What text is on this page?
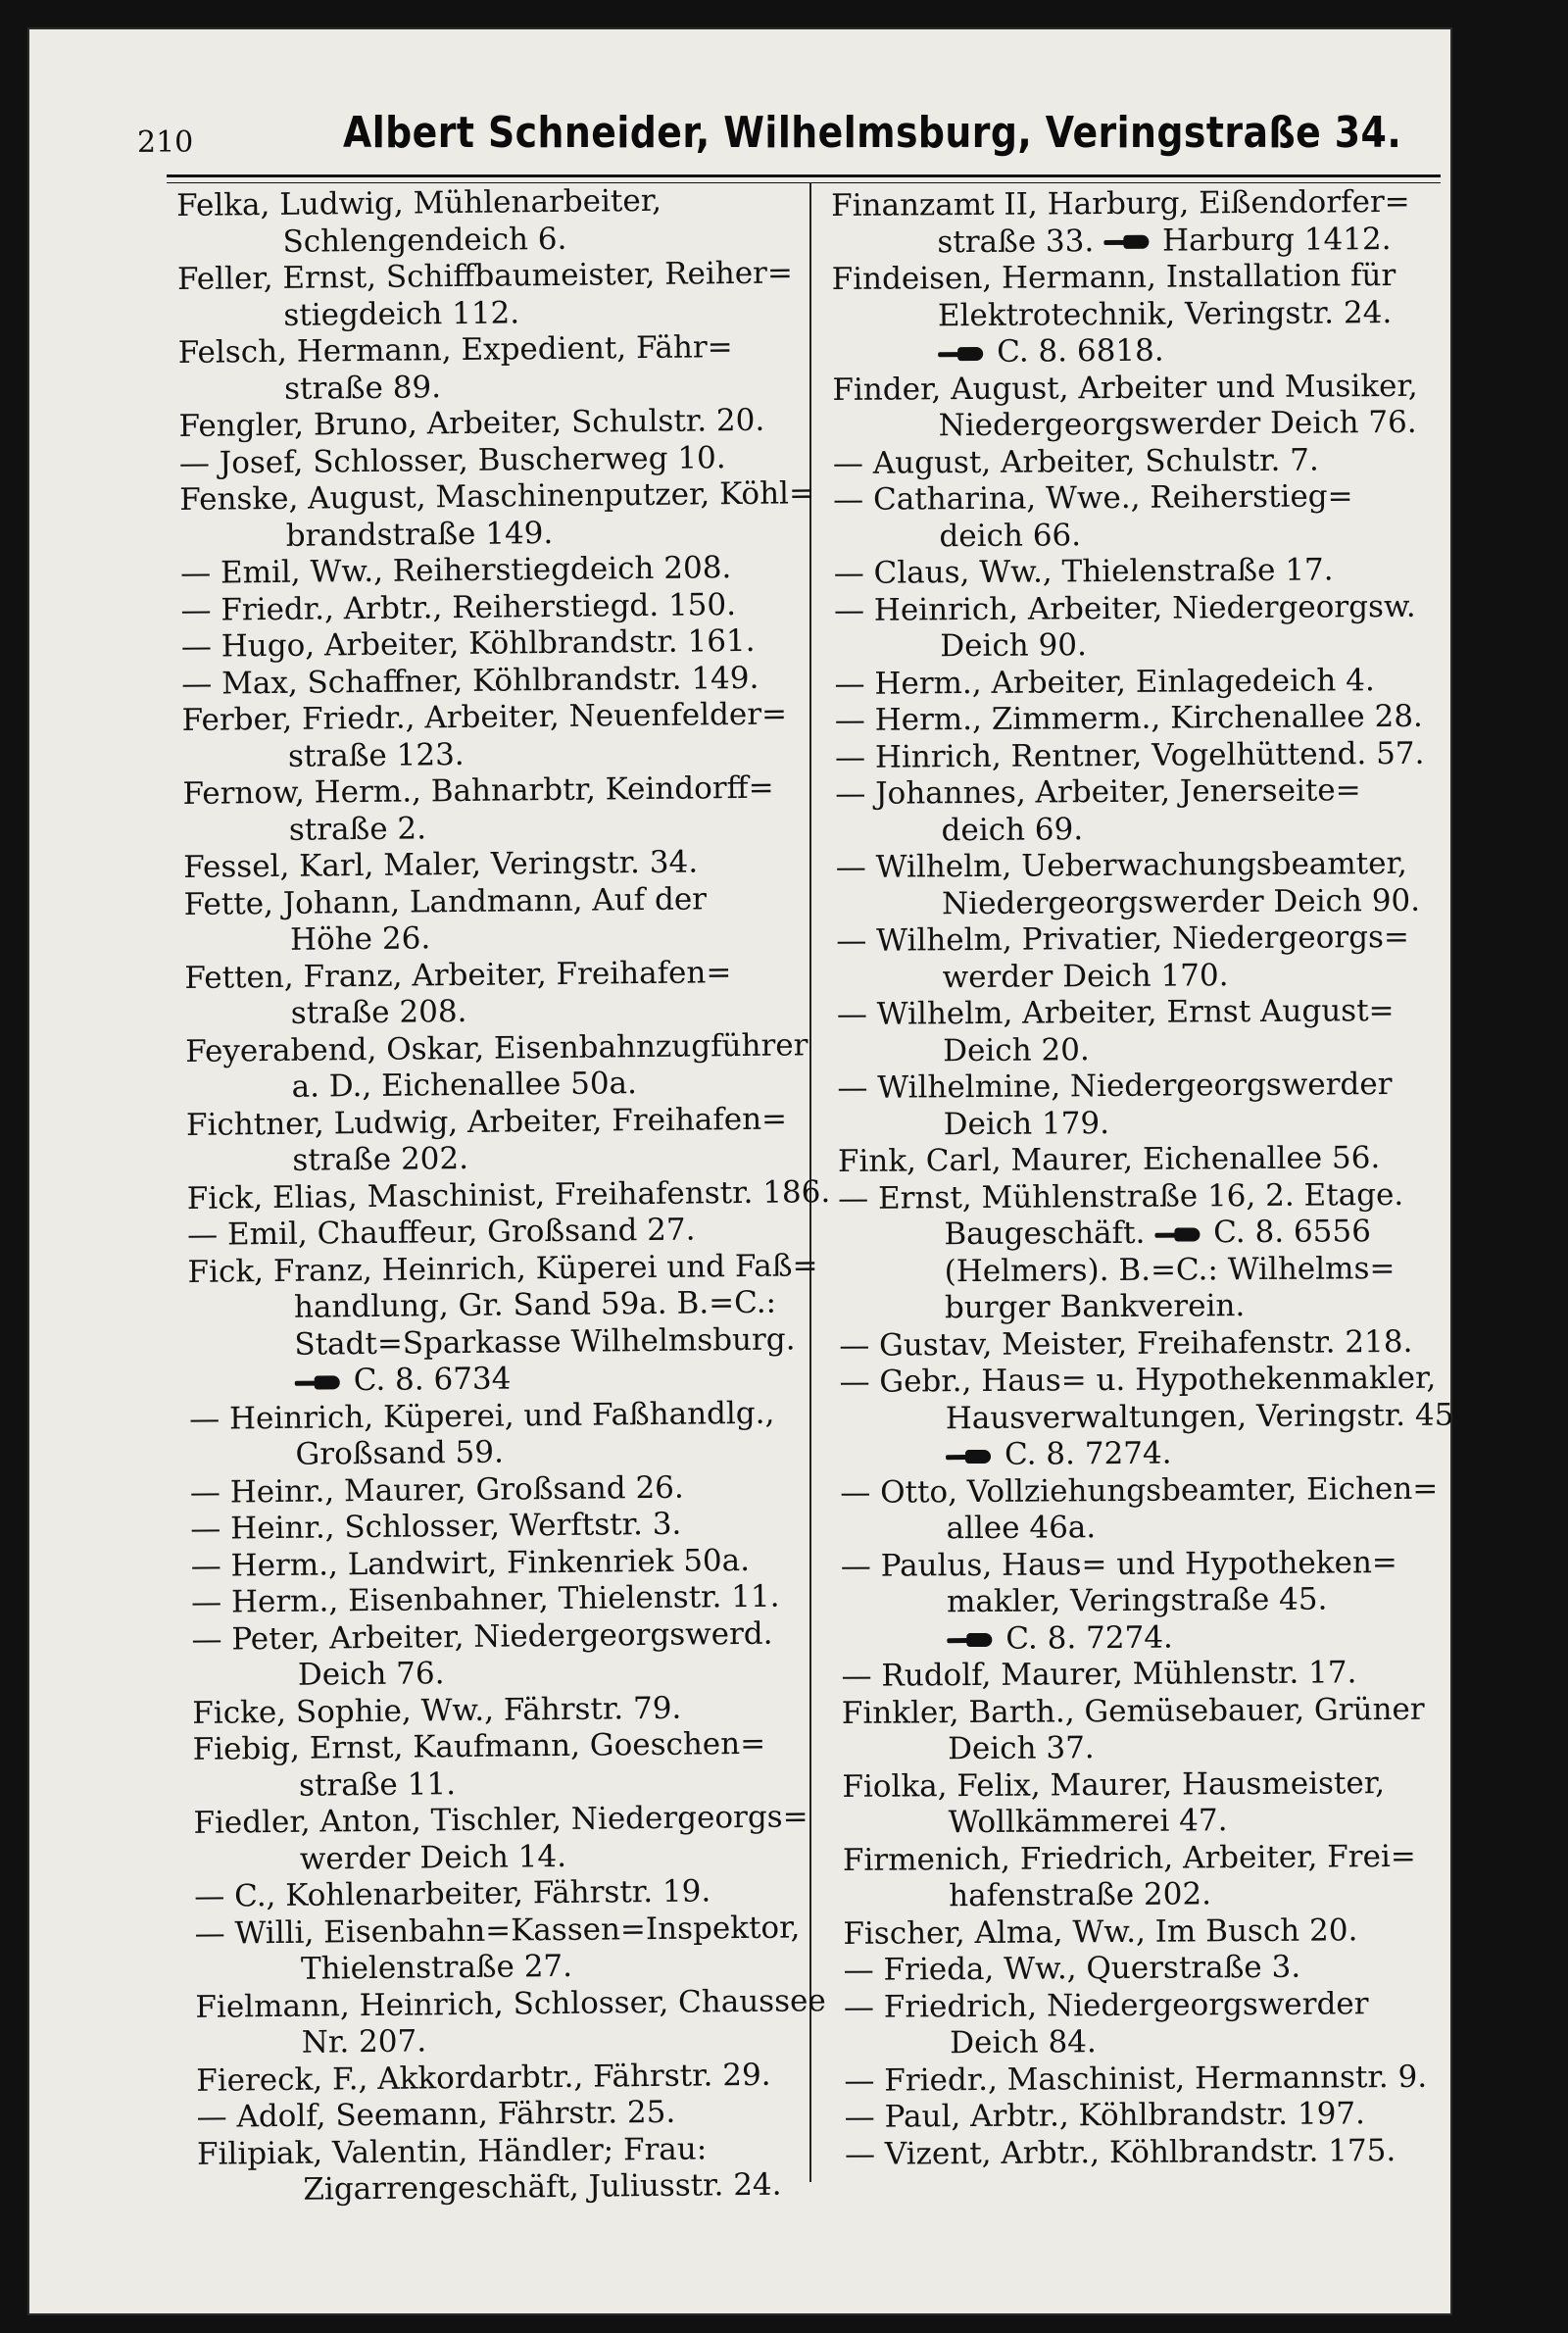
210	Albert Schneider, Wilhelmsburg, Veringstraße 34.
Felka, Ludwig, Mühlenarbeiter,
Schlengendeich 6.
Feller, Ernst, Schiffbaumeister, Reiher=
stiegdeich 112.
Felsch, Hermann, Expedient, Fähr=
straße 89.
Fengler, Bruno, Arbeiter, Schulstr. 20.
— Josef, Schlosser, Buscherweg 10.
Fenske, August, Maschinenputzer, Köhl=
brandstraße 149.
— Emil, Ww., Reiherstiegdeich 208.
— Friedr., Arbtr., Reiherstiegd. 150.
— Hugo, Arbeiter, Köhlbrandstr. 161.
— Max, Schaffner, Köhlbrandstr. 149.
Ferber, Friedr., Arbeiter, Neuenfelder=
straße 123.
Fernow, Herm., Bahnarbtr, Keindorff=
straße 2.
Fessel, Karl, Maler, Veringstr. 34.
Fette, Johann, Landmann, Auf der
Höhe 26.
Fetten, Franz, Arbeiter, Freihafen=
straße 208.
Feyerabend, Oskar, Eisenbahnzugführer
a. D., Eichenallee 50a.
Fichtner, Ludwig, Arbeiter, Freihafen=
straße 202.
Fick, Elias, Maschinist, Freihafenstr. 186.
— Emil, Chauffeur, Großsand 27.
Fick, Franz, Heinrich, Küperei und Faß=
handlung, Gr. Sand 59a. B.=C.:
Stadt=Sparkasse Wilhelmsburg.
C. 8. 6734
— Heinrich, Küperei, und Faßhandlg.,
Großsand 59.
— Heinr., Maurer, Großsand 26.
— Heinr., Schlosser, Werftstr. 3.
— Herm., Landwirt, Finkenriek 50a.
— Herm., Eisenbahner, Thielenstr. 11.
— Peter, Arbeiter, Niedergeorgswerd.
Deich 76.
Ficke, Sophie, Ww., Fährstr. 79.
Fiebig, Ernst, Kaufmann, Goeschen=
straße 11.
Fiedler, Anton, Tischler, Niedergeorgs=
werder Deich 14.
— C., Kohlenarbeiter, Fährstr. 19.
— Willi, Eisenbahn=Kassen=Inspektor,
Thielenstraße 27.
Fielmann, Heinrich, Schlosser, Chaussee
Nr. 207.
Fiereck, F., Akkordarbtr., Fährstr. 29.
— Adolf, Seemann, Fährstr. 25.
Filipiak, Valentin, Händler; Frau:
Zigarrengeschäft, Juliusstr. 24.
Finanzamt II, Harburg, Eißendorfer=
straße 33. Harburg 1412.
Findeisen, Hermann, Installation für
Elektrotechnik, Veringstr. 24.
C. 8. 6818.
Finder, August, Arbeiter und Musiker,
Niedergeorgswerder Deich 76.
— August, Arbeiter, Schulstr. 7.
— Catharina, Wwe., Reiherstieg=
deich 66.
— Claus, Ww., Thielenstraße 17.
— Heinrich, Arbeiter, Niedergeorgsw.
Deich 90.
— Herm., Arbeiter, Einlagedeich 4.
— Herm., Zimmerm., Kirchenallee 28.
— Hinrich, Rentner, Vogelhüttend. 57.
— Johannes, Arbeiter, Jenerseite=
deich 69.
— Wilhelm, Ueberwachungsbeamter,
Niedergeorgswerder Deich 90.
— Wilhelm, Privatier, Niedergeorgs=
werder Deich 170.
— Wilhelm, Arbeiter, Ernst August=
Deich 20.
— Wilhelmine, Niedergeorgswerder
Deich 179.
Fink, Carl, Maurer, Eichenallee 56.
— Ernst, Mühlenstraße 16, 2. Etage.
Baugeschäft. C. 8. 6556
(Helmers). B.=C.: Wilhelms=
burger Bankverein.
— Gustav, Meister, Freihafenstr. 218.
— Gebr., Haus= u. Hypothekenmakler,
Hausverwaltungen, Veringstr. 45.
C. 8. 7274.
— Otto, Vollziehungsbeamter, Eichen=
allee 46a.
— Paulus, Haus= und Hypotheken=
makler, Veringstraße 45.
C. 8. 7274.
— Rudolf, Maurer, Mühlenstr. 17.
Finkler, Barth., Gemüsebauer, Grüner
Deich 37.
Fiolka, Felix, Maurer, Hausmeister,
Wollkämmerei 47.
Firmenich, Friedrich, Arbeiter, Frei=
hafenstraße 202.
Fischer, Alma, Ww., Im Busch 20.
— Frieda, Ww., Querstraße 3.
— Friedrich, Niedergeorgswerder
Deich 84.
— Friedr., Maschinist, Hermannstr. 9.
— Paul, Arbtr., Köhlbrandstr. 197.
— Vizent, Arbtr., Köhlbrandstr. 175.
